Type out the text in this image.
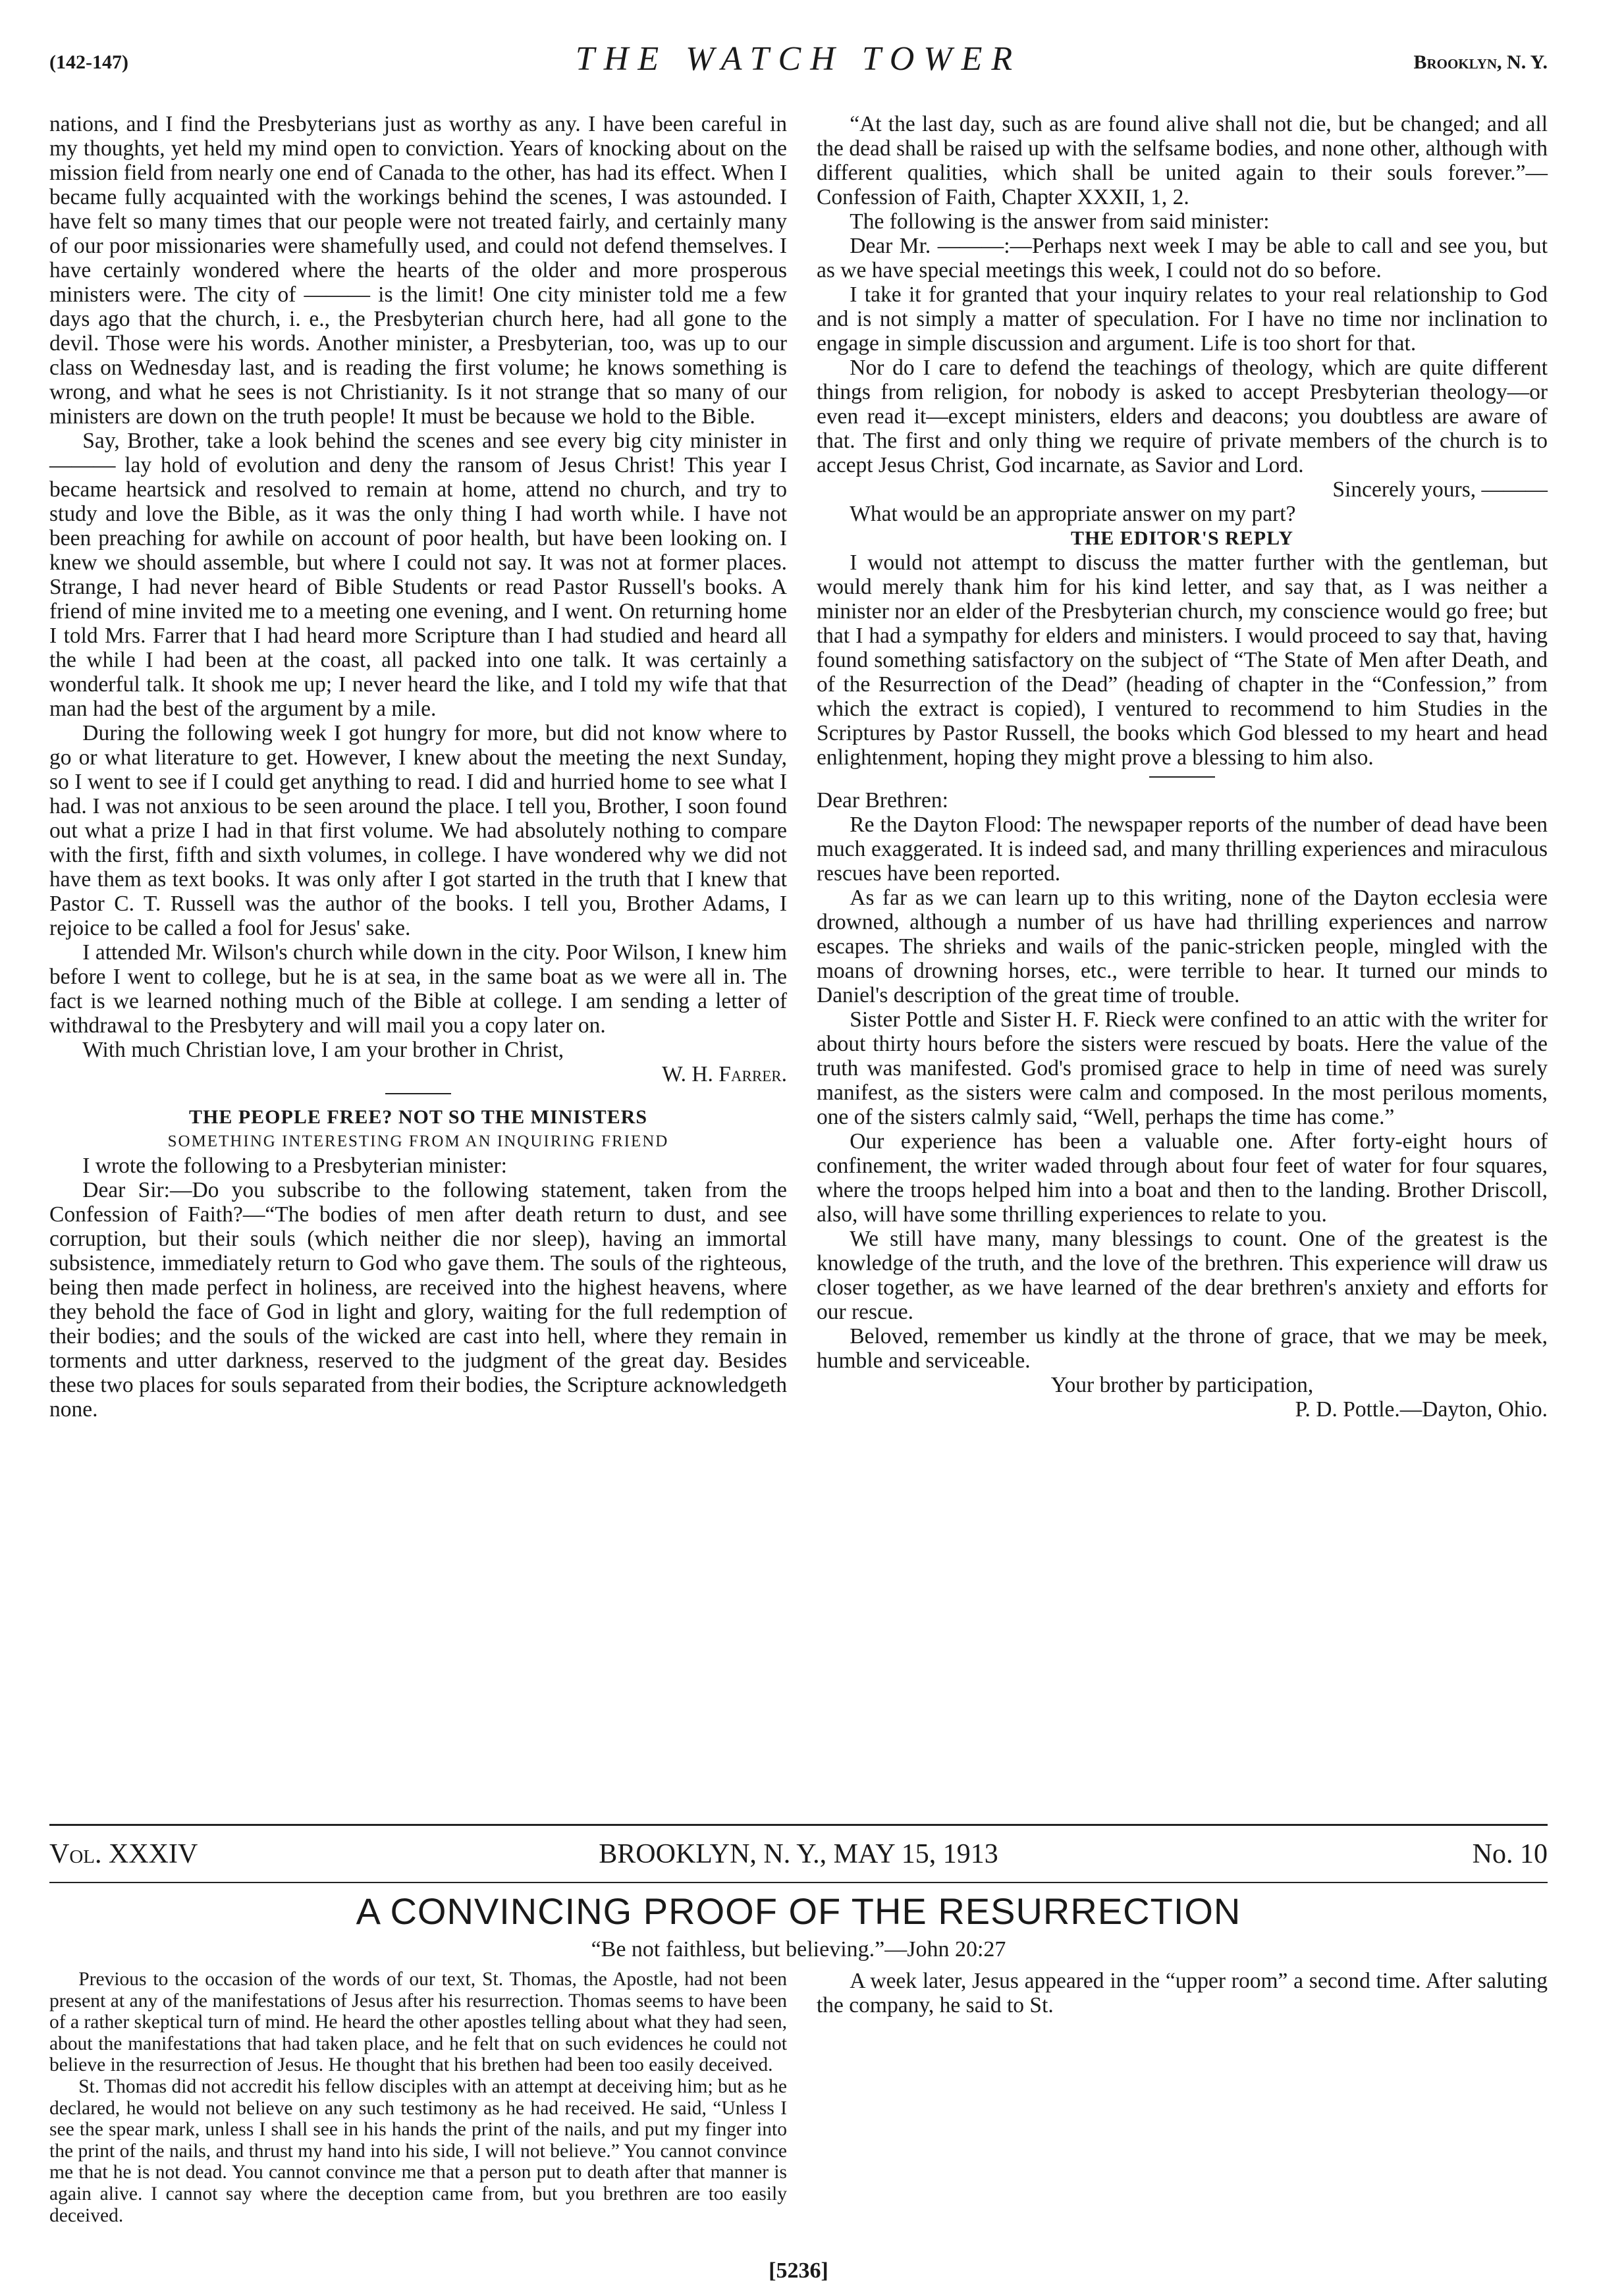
(142-147)	THE WATCH TOWER	Brooklyn, N. Y.

nations, and I find the Presbyterians just as worthy as any. I have been careful in my thoughts, yet held my mind open to conviction. Years of knocking about on the mission field from nearly one end of Canada to the other, has had its effect. When I became fully acquainted with the workings behind the scenes, I was astounded. I have felt so many times that our people were not treated fairly, and certainly many of our poor missionaries were shamefully used, and could not defend themselves. I have certainly wondered where the hearts of the older and more prosperous ministers were. The city of ——— is the limit! One city minister told me a few days ago that the church, i. e., the Presbyterian church here, had all gone to the devil. Those were his words. Another minister, a Presbyterian, too, was up to our class on Wednesday last, and is reading the first volume; he knows something is wrong, and what he sees is not Christianity. Is it not strange that so many of our ministers are down on the truth people! It must be because we hold to the Bible.

Say, Brother, take a look behind the scenes and see every big city minister in ——— lay hold of evolution and deny the ransom of Jesus Christ! This year I became heartsick and resolved to remain at home, attend no church, and try to study and love the Bible, as it was the only thing I had worth while. I have not been preaching for awhile on account of poor health, but have been looking on. I knew we should assemble, but where I could not say. It was not at former places. Strange, I had never heard of Bible Students or read Pastor Russell's books. A friend of mine invited me to a meeting one evening, and I went. On returning home I told Mrs. Farrer that I had heard more Scripture than I had studied and heard all the while I had been at the coast, all packed into one talk. It was certainly a wonderful talk. It shook me up; I never heard the like, and I told my wife that that man had the best of the argument by a mile.

During the following week I got hungry for more, but did not know where to go or what literature to get. However, I knew about the meeting the next Sunday, so I went to see if I could get anything to read. I did and hurried home to see what I had. I was not anxious to be seen around the place. I tell you, Brother, I soon found out what a prize I had in that first volume. We had absolutely nothing to compare with the first, fifth and sixth volumes, in college. I have wondered why we did not have them as text books. It was only after I got started in the truth that I knew that Pastor C. T. Russell was the author of the books. I tell you, Brother Adams, I rejoice to be called a fool for Jesus' sake.

I attended Mr. Wilson's church while down in the city. Poor Wilson, I knew him before I went to college, but he is at sea, in the same boat as we were all in. The fact is we learned nothing much of the Bible at college. I am sending a letter of withdrawal to the Presbytery and will mail you a copy later on.

With much Christian love, I am your brother in Christ,

W. H. Farrer.

THE PEOPLE FREE? NOT SO THE MINISTERS

SOMETHING INTERESTING FROM AN INQUIRING FRIEND

I wrote the following to a Presbyterian minister:

Dear Sir:—Do you subscribe to the following statement, taken from the Confession of Faith?—“The bodies of men after death return to dust, and see corruption, but their souls (which neither die nor sleep), having an immortal subsistence, immediately return to God who gave them. The souls of the righteous, being then made perfect in holiness, are received into the highest heavens, where they behold the face of God in light and glory, waiting for the full redemption of their bodies; and the souls of the wicked are cast into hell, where they remain in torments and utter darkness, reserved to the judgment of the great day. Besides these two places for souls separated from their bodies, the Scripture acknowledgeth none.

“At the last day, such as are found alive shall not die, but be changed; and all the dead shall be raised up with the selfsame bodies, and none other, although with different qualities, which shall be united again to their souls forever.”—Confession of Faith, Chapter XXXII, 1, 2.

The following is the answer from said minister:

Dear Mr. ———:—Perhaps next week I may be able to call and see you, but as we have special meetings this week, I could not do so before.

I take it for granted that your inquiry relates to your real relationship to God and is not simply a matter of speculation. For I have no time nor inclination to engage in simple discussion and argument. Life is too short for that.

Nor do I care to defend the teachings of theology, which are quite different things from religion, for nobody is asked to accept Presbyterian theology—or even read it—except ministers, elders and deacons; you doubtless are aware of that. The first and only thing we require of private members of the church is to accept Jesus Christ, God incarnate, as Savior and Lord.

Sincerely yours, ———

What would be an appropriate answer on my part?

THE EDITOR'S REPLY

I would not attempt to discuss the matter further with the gentleman, but would merely thank him for his kind letter, and say that, as I was neither a minister nor an elder of the Presbyterian church, my conscience would go free; but that I had a sympathy for elders and ministers. I would proceed to say that, having found something satisfactory on the subject of “The State of Men after Death, and of the Resurrection of the Dead” (heading of chapter in the “Confession,” from which the extract is copied), I ventured to recommend to him Studies in the Scriptures by Pastor Russell, the books which God blessed to my heart and head enlightenment, hoping they might prove a blessing to him also.

Dear Brethren:

Re the Dayton Flood: The newspaper reports of the number of dead have been much exaggerated. It is indeed sad, and many thrilling experiences and miraculous rescues have been reported.

As far as we can learn up to this writing, none of the Dayton ecclesia were drowned, although a number of us have had thrilling experiences and narrow escapes. The shrieks and wails of the panic-stricken people, mingled with the moans of drowning horses, etc., were terrible to hear. It turned our minds to Daniel's description of the great time of trouble.

Sister Pottle and Sister H. F. Rieck were confined to an attic with the writer for about thirty hours before the sisters were rescued by boats. Here the value of the truth was manifested. God's promised grace to help in time of need was surely manifest, as the sisters were calm and composed. In the most perilous moments, one of the sisters calmly said, “Well, perhaps the time has come.”

Our experience has been a valuable one. After forty-eight hours of confinement, the writer waded through about four feet of water for four squares, where the troops helped him into a boat and then to the landing. Brother Driscoll, also, will have some thrilling experiences to relate to you.

We still have many, many blessings to count. One of the greatest is the knowledge of the truth, and the love of the brethren. This experience will draw us closer together, as we have learned of the dear brethren's anxiety and efforts for our rescue.

Beloved, remember us kindly at the throne of grace, that we may be meek, humble and serviceable.

Your brother by participation,

P. D. Pottle.—Dayton, Ohio.

Vol. XXXIV	BROOKLYN, N. Y., MAY 15, 1913	No. 10
A CONVINCING PROOF OF THE RESURRECTION
“Be not faithless, but believing.”—John 20:27

Previous to the occasion of the words of our text, St. Thomas, the Apostle, had not been present at any of the manifestations of Jesus after his resurrection. Thomas seems to have been of a rather skeptical turn of mind. He heard the other apostles telling about what they had seen, about the manifestations that had taken place, and he felt that on such evidences he could not believe in the resurrection of Jesus. He thought that his brethen had been too easily deceived.

St. Thomas did not accredit his fellow disciples with an attempt at deceiving him; but as he declared, he would not believe on any such testimony as he had received. He said, “Unless I see the spear mark, unless I shall see in his hands the print of the nails, and put my finger into the print of the nails, and thrust my hand into his side, I will not believe.” You cannot convince me that he is not dead. You cannot convince me that a person put to death after that manner is again alive. I cannot say where the deception came from, but you brethren are too easily deceived.

A week later, Jesus appeared in the “upper room” a second time. After saluting the company, he said to St.

[5236]
